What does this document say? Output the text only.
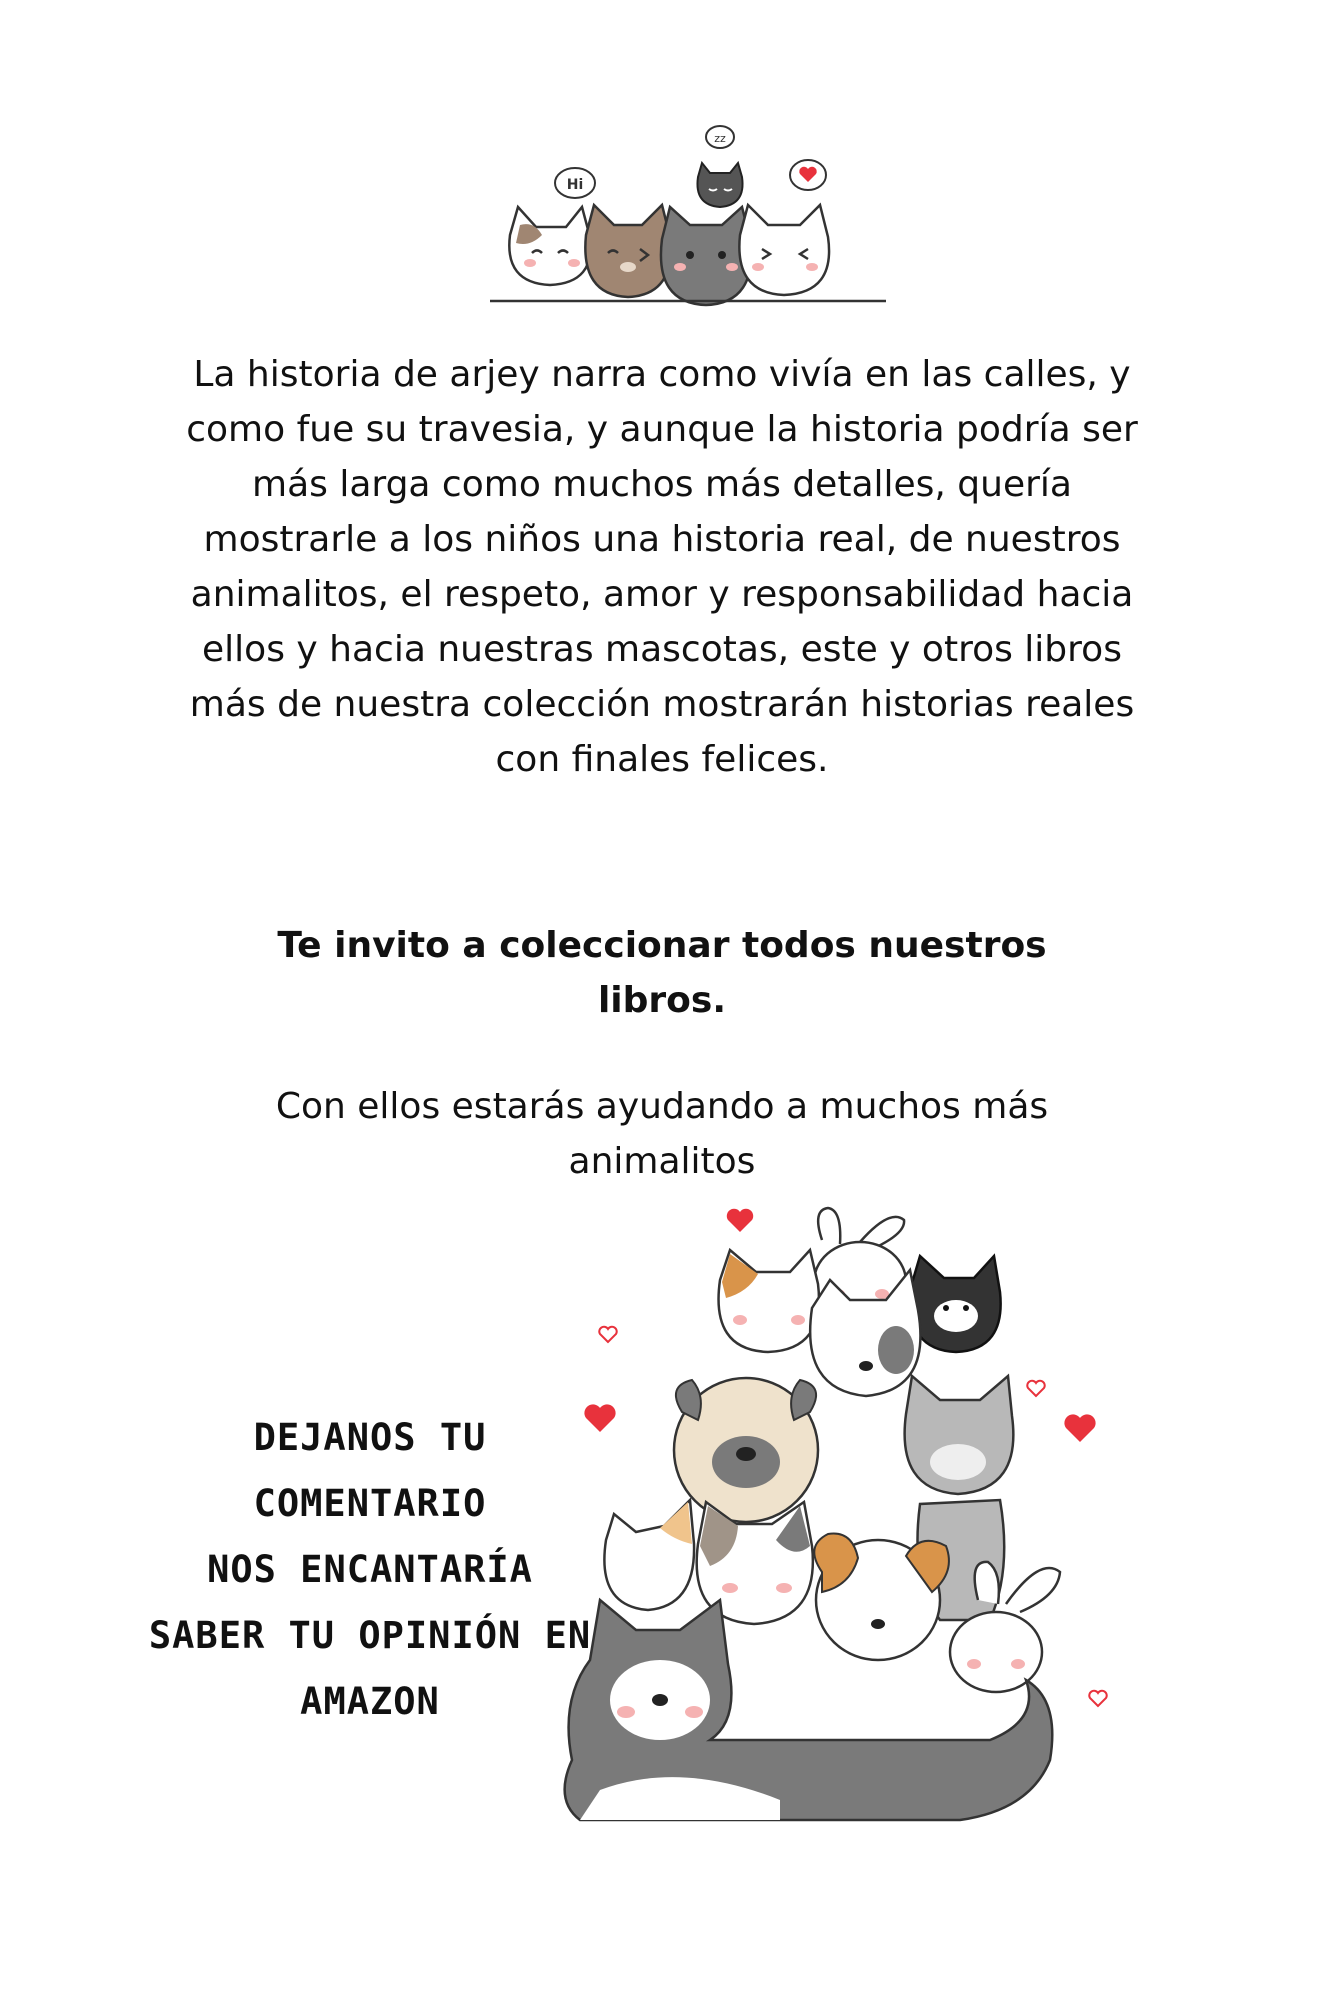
Hi
zz

La historia de arjey narra como vivía en las calles, y como fue su travesia, y aunque la historia podría ser más larga como muchos más detalles, quería mostrarle a los niños una historia real, de nuestros animalitos, el respeto, amor y responsabilidad hacia ellos y hacia nuestras mascotas, este y otros libros más de nuestra colección mostrarán historias reales con finales felices.

Te invito a coleccionar todos nuestros libros.

Con ellos estarás ayudando a muchos más animalitos

DEJANOS TU
COMENTARIO
NOS ENCANTARÍA
SABER TU OPINIÓN EN
AMAZON
